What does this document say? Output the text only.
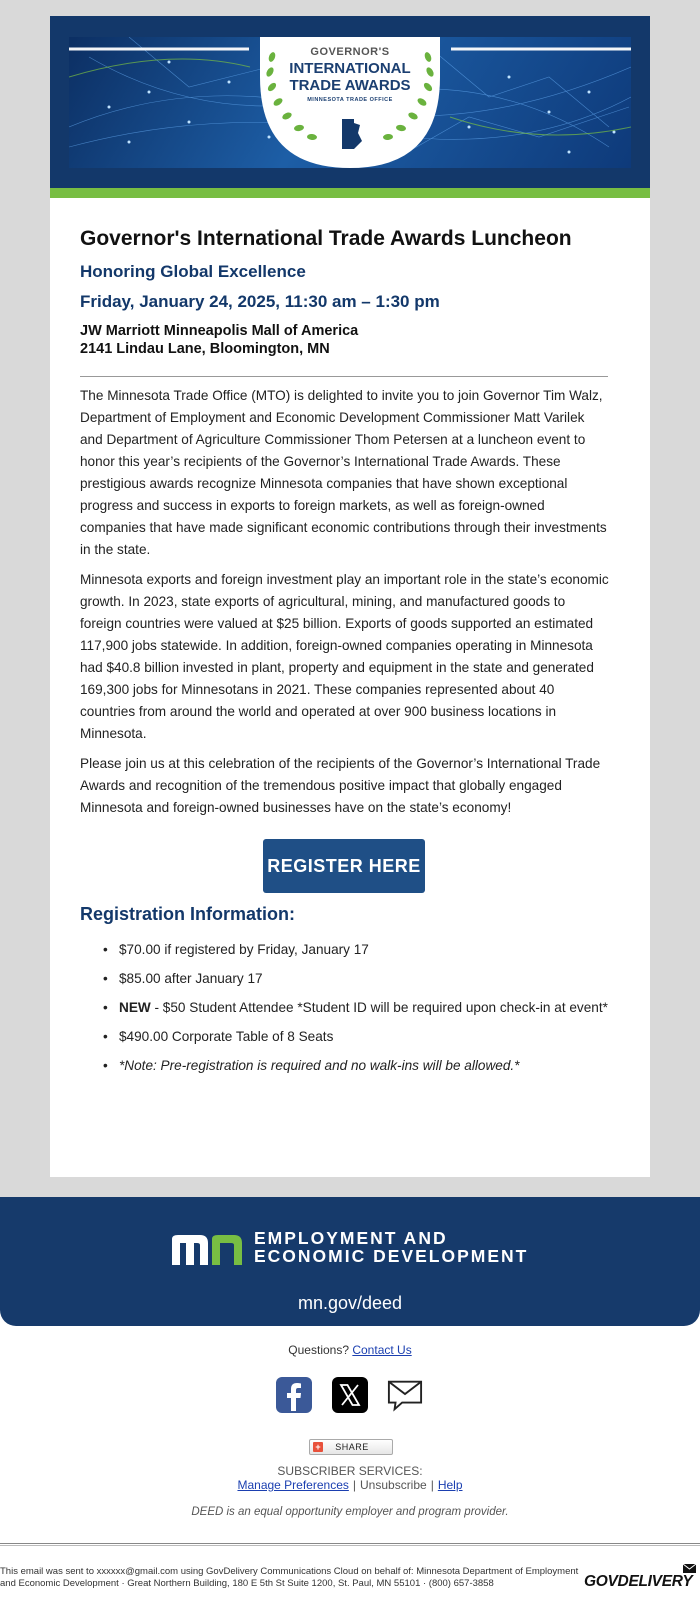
GOVERNOR'S
INTERNATIONAL
TRADE AWARDS
MINNESOTA TRADE OFFICE
Governor's International Trade Awards Luncheon
Honoring Global Excellence
Friday, January 24, 2025, 11:30 am – 1:30 pm
JW Marriott Minneapolis Mall of America
2141 Lindau Lane, Bloomington, MN

The Minnesota Trade Office (MTO) is delighted to invite you to join Governor Tim Walz, Department of Employment and Economic Development Commissioner Matt Varilek and Department of Agriculture Commissioner Thom Petersen at a luncheon event to honor this year’s recipients of the Governor’s International Trade Awards. These prestigious awards recognize Minnesota companies that have shown exceptional progress and success in exports to foreign markets, as well as foreign-owned companies that have made significant economic contributions through their investments in the state.

Minnesota exports and foreign investment play an important role in the state’s economic growth. In 2023, state exports of agricultural, mining, and manufactured goods to foreign countries were valued at $25 billion. Exports of goods supported an estimated 117,900 jobs statewide. In addition, foreign-owned companies operating in Minnesota had $40.8 billion invested in plant, property and equipment in the state and generated 169,300 jobs for Minnesotans in 2021. These companies represented about 40 countries from around the world and operated at over 900 business locations in Minnesota.

Please join us at this celebration of the recipients of the Governor’s International Trade Awards and recognition of the tremendous positive impact that globally engaged Minnesota and foreign-owned businesses have on the state’s economy!

REGISTER HERE
Registration Information:
• $70.00 if registered by Friday, January 17
• $85.00 after January 17
• NEW - $50 Student Attendee *Student ID will be required upon check-in at event*
• $490.00 Corporate Table of 8 Seats
• *Note: Pre-registration is required and no walk-ins will be allowed.*
EMPLOYMENT AND
ECONOMIC DEVELOPMENT
mn.gov/deed
Questions? Contact Us
+	SHARE
SUBSCRIBER SERVICES:
Manage Preferences | Unsubscribe | Help
DEED is an equal opportunity employer and program provider.
This email was sent to xxxxxx@gmail.com using GovDelivery Communications Cloud on behalf of: Minnesota Department of Employment and Economic Development · Great Northern Building, 180 E 5th St Suite 1200, St. Paul, MN 55101 · (800) 657-3858	GOVDELIVERY
